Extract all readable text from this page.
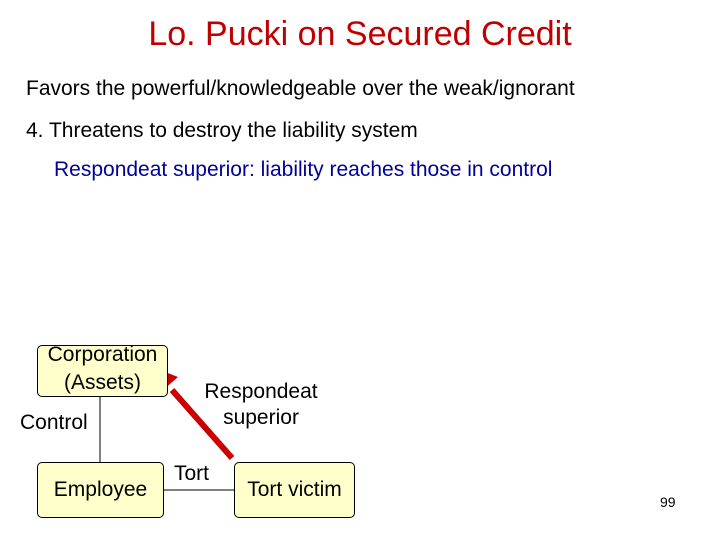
Lo. Pucki on Secured Credit
Favors the powerful/knowledgeable over the weak/ignorant
4. Threatens to destroy the liability system
Respondeat superior: liability reaches those in control
Corporation
(Assets)
Employee	Tort victim
Control
Tort
Respondeat
superior
99
